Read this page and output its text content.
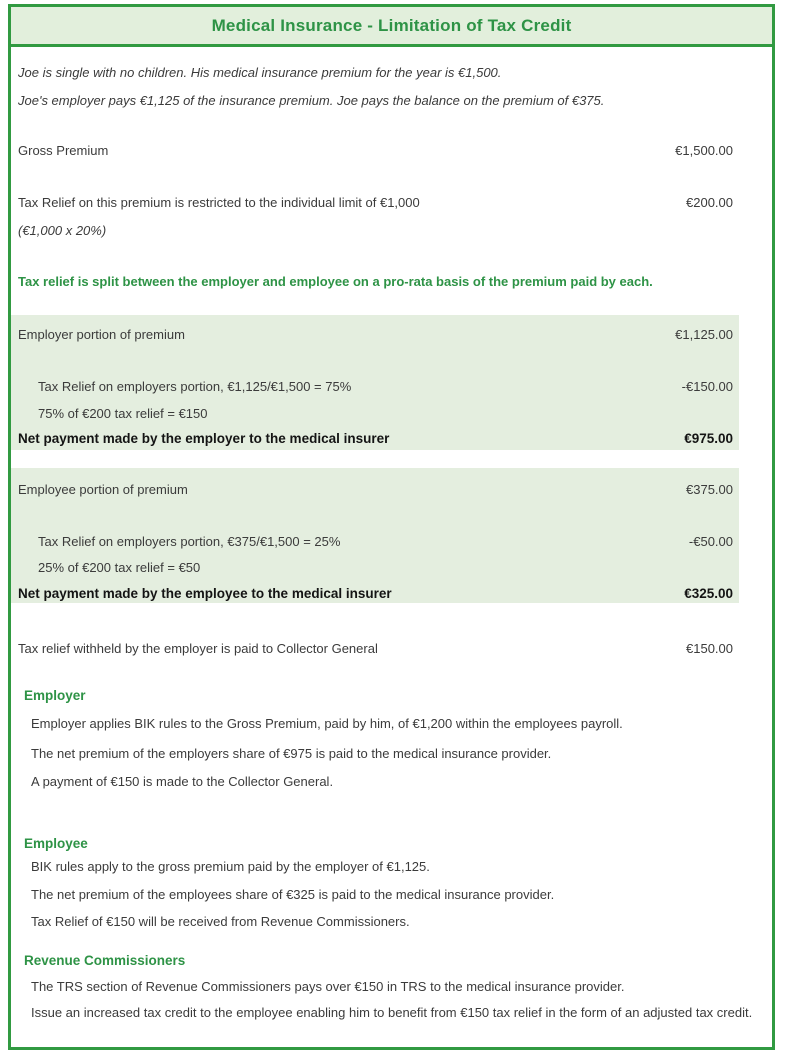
Medical Insurance - Limitation of Tax Credit
Joe is single with no children. His medical insurance premium for the year is €1,500.
Joe's employer pays €1,125 of the insurance premium. Joe pays the balance on the premium of €375.
Gross Premium	€1,500.00
Tax Relief on this premium is restricted to the individual limit of €1,000	€200.00
(€1,000 x 20%)
Tax relief is split between the employer and employee on a pro-rata basis of the premium paid by each.
Employer portion of premium	€1,125.00
Tax Relief on employers portion, €1,125/€1,500 = 75%	-€150.00
75% of €200 tax relief = €150
Net payment made by the employer to the medical insurer	€975.00
Employee portion of premium	€375.00
Tax Relief on employers portion, €375/€1,500 = 25%	-€50.00
25% of €200 tax relief = €50
Net payment made by the employee to the medical insurer	€325.00
Tax relief withheld by the employer is paid to Collector General	€150.00
Employer
Employer applies BIK rules to the Gross Premium, paid by him, of €1,200 within the employees payroll.
The net premium of the employers share of €975 is paid to the medical insurance provider.
A payment of €150 is made to the Collector General.
Employee
BIK rules apply to the gross premium paid by the employer of €1,125.
The net premium of the employees share of €325 is paid to the medical insurance provider.
Tax Relief of €150 will be received from Revenue Commissioners.
Revenue Commissioners
The TRS section of Revenue Commissioners pays over €150 in TRS to the medical insurance provider.
Issue an increased tax credit to the employee enabling him to benefit from €150 tax relief in the form of an adjusted tax credit.
